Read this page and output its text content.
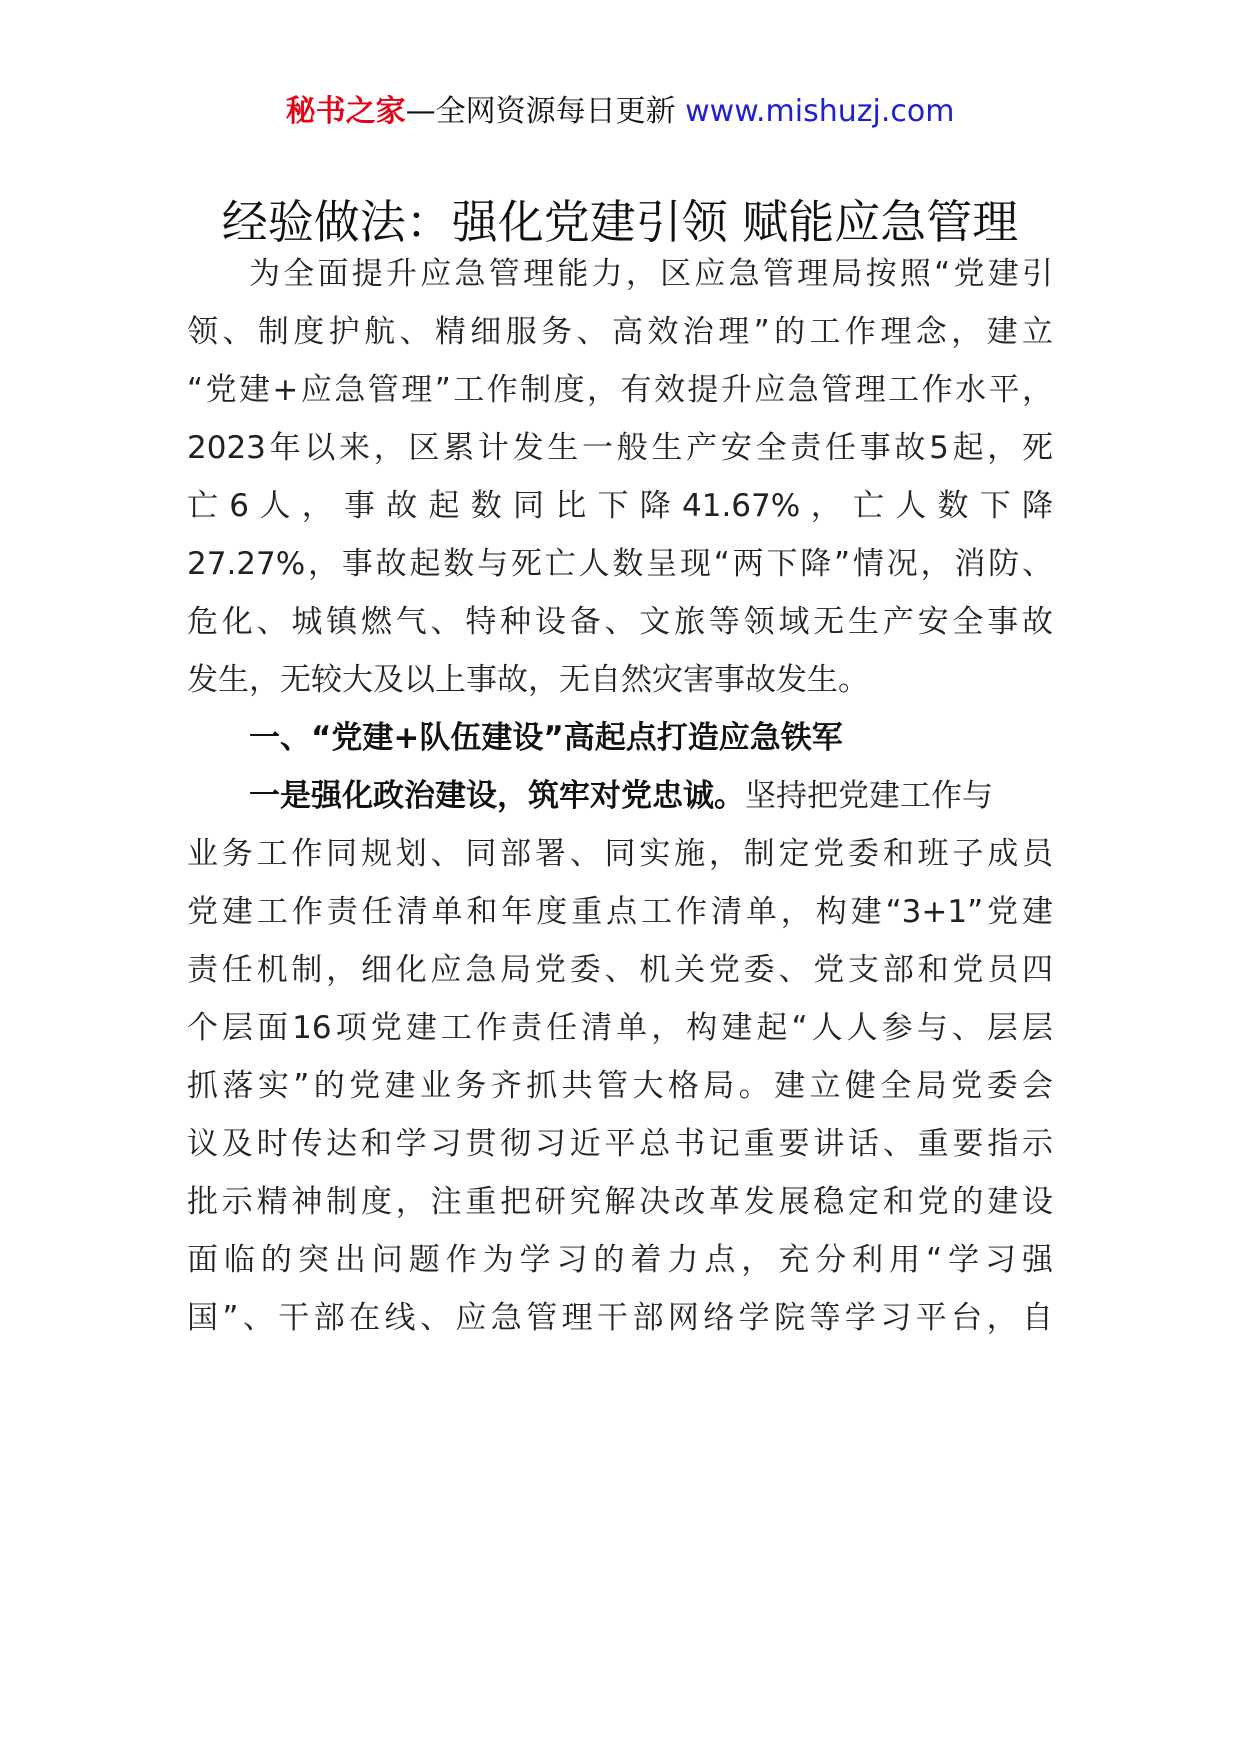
秘书之家—全网资源每日更新 www.mishuzj.com
经验做法：强化党建引领 赋能应急管理
为全面提升应急管理能力，区应急管理局按照“党建引
领、制度护航、精细服务、高效治理”的工作理念，建立
“党建+应急管理”工作制度，有效提升应急管理工作水平，
2023年以来，区累计发生一般生产安全责任事故5起，死
亡 6 人 ， 事 故 起 数 同 比 下 降 41.67% ， 亡 人 数 下 降
27.27%，事故起数与死亡人数呈现“两下降”情况，消防、
危化、城镇燃气、特种设备、文旅等领域无生产安全事故
发生，无较大及以上事故，无自然灾害事故发生。
一、“党建+队伍建设”高起点打造应急铁军
一是强化政治建设，筑牢对党忠诚。坚持把党建工作与
业务工作同规划、同部署、同实施，制定党委和班子成员
党建工作责任清单和年度重点工作清单，构建“3+1”党建
责任机制，细化应急局党委、机关党委、党支部和党员四
个层面16项党建工作责任清单，构建起“人人参与、层层
抓落实”的党建业务齐抓共管大格局。建立健全局党委会
议及时传达和学习贯彻习近平总书记重要讲话、重要指示
批示精神制度，注重把研究解决改革发展稳定和党的建设
面临的突出问题作为学习的着力点，充分利用“学习强
国”、干部在线、应急管理干部网络学院等学习平台，自
